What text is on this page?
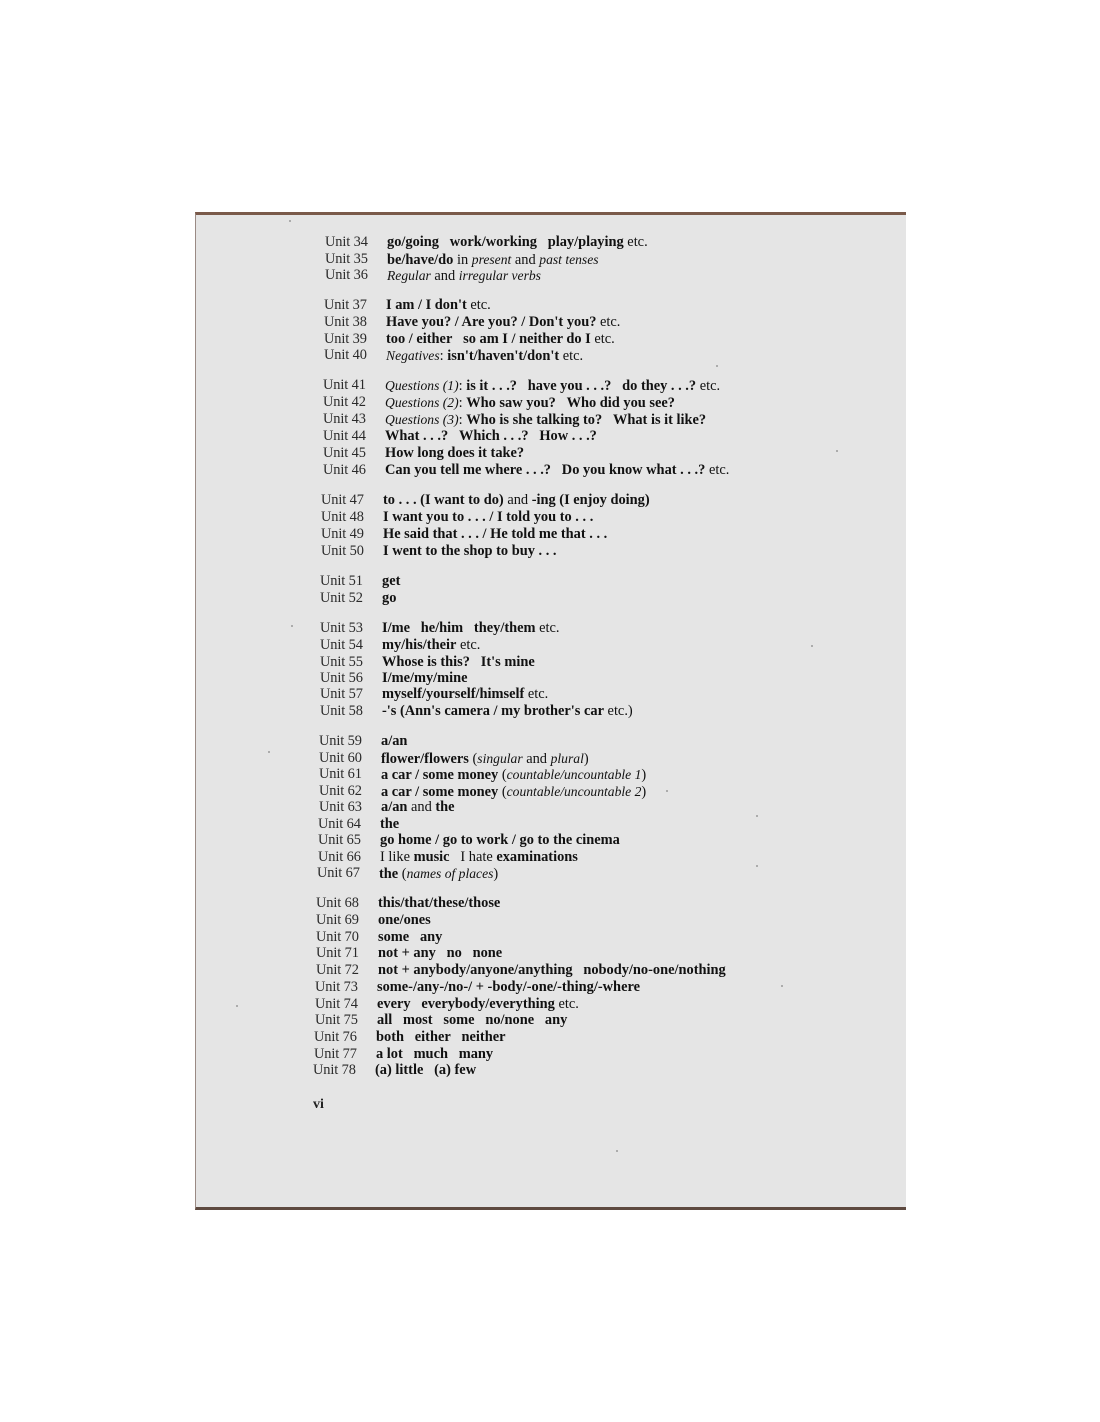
Unit 34	go/going   work/working   play/playing etc.
Unit 35	be/have/do in present and past tenses
Unit 36	Regular and irregular verbs
Unit 37	I am / I don't etc.
Unit 38	Have you? / Are you? / Don't you? etc.
Unit 39	too / either   so am I / neither do I etc.
Unit 40	Negatives: isn't/haven't/don't etc.
Unit 41	Questions (1): is it . . .?   have you . . .?   do they . . .? etc.
Unit 42	Questions (2): Who saw you?   Who did you see?
Unit 43	Questions (3): Who is she talking to?   What is it like?
Unit 44	What . . .?   Which . . .?   How . . .?
Unit 45	How long does it take?
Unit 46	Can you tell me where . . .?   Do you know what . . .? etc.
Unit 47	to . . . (I want to do) and -ing (I enjoy doing)
Unit 48	I want you to . . . / I told you to . . .
Unit 49	He said that . . . / He told me that . . .
Unit 50	I went to the shop to buy . . .
Unit 51	get
Unit 52	go
Unit 53	I/me   he/him   they/them etc.
Unit 54	my/his/their etc.
Unit 55	Whose is this?   It's mine
Unit 56	I/me/my/mine
Unit 57	myself/yourself/himself etc.
Unit 58	-'s (Ann's camera / my brother's car etc.)
Unit 59	a/an
Unit 60	flower/flowers (singular and plural)
Unit 61	a car / some money (countable/uncountable 1)
Unit 62	a car / some money (countable/uncountable 2)
Unit 63	a/an and the
Unit 64	the
Unit 65	go home / go to work / go to the cinema
Unit 66	I like music   I hate examinations
Unit 67	the (names of places)
Unit 68	this/that/these/those
Unit 69	one/ones
Unit 70	some   any
Unit 71	not + any   no   none
Unit 72	not + anybody/anyone/anything   nobody/no-one/nothing
Unit 73	some-/any-/no-/ + -body/-one/-thing/-where
Unit 74	every   everybody/everything etc.
Unit 75	all   most   some   no/none   any
Unit 76	both   either   neither
Unit 77	a lot   much   many
Unit 78	(a) little   (a) few
vi
